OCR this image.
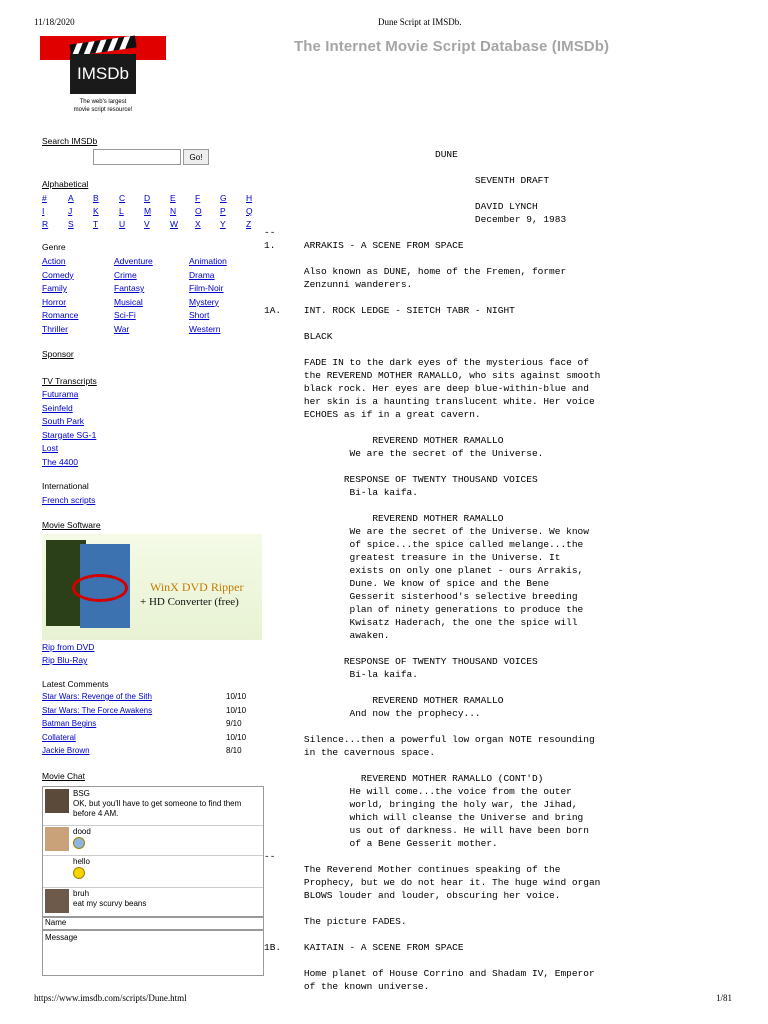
11/18/2020	Dune Script at IMSDb.
https://www.imsdb.com/scripts/Dune.html	1/81
The Internet Movie Script Database (IMSDb)
IMSDb
The web's largest
movie script resource!
Search IMSDb
Go!
Alphabetical
#	A B C D E F G H
I	J K L M N O P Q
R S T U V W X Y Z
Genre
Action	Adventure	Animation
Comedy	Crime	Drama
Family	Fantasy	Film-Noir
Horror	Musical	Mystery
Romance	Sci-Fi	Short
Thriller	War	Western
Sponsor
TV Transcripts
Futurama
Seinfeld
South Park
Stargate SG-1
Lost
The 4400
International
French scripts
Movie Software
WinX DVD Ripper
+ HD Converter (free)
Rip from DVD
Rip Blu-Ray
Latest Comments
Star Wars: Revenge of the Sith	10/10
Star Wars: The Force Awakens	10/10
Batman Begins	9/10
Collateral	10/10
Jackie Brown	8/10
Movie Chat
BSG
OK, but you'll have to get someone to find them before 4 AM.
dood
hello
bruh
eat my scurvy beans
Name
Message
DUNE
SEVENTH DRAFT
DAVID LYNCH
December 9, 1983
--
1.     ARRAKIS - A SCENE FROM SPACE
Also known as DUNE, home of the Fremen, former
Zenzunni wanderers.
1A.    INT. ROCK LEDGE - SIETCH TABR - NIGHT
BLACK
FADE IN to the dark eyes of the mysterious face of
the REVEREND MOTHER RAMALLO, who sits against smooth
black rock. Her eyes are deep blue-within-blue and
her skin is a haunting translucent white. Her voice
ECHOES as if in a great cavern.
REVEREND MOTHER RAMALLO
We are the secret of the Universe.
RESPONSE OF TWENTY THOUSAND VOICES
Bi-la kaifa.
REVEREND MOTHER RAMALLO
We are the secret of the Universe. We know
of spice...the spice called melange...the
greatest treasure in the Universe. It
exists on only one planet - ours Arrakis,
Dune. We know of spice and the Bene
Gesserit sisterhood's selective breeding
plan of ninety generations to produce the
Kwisatz Haderach, the one the spice will
awaken.
RESPONSE OF TWENTY THOUSAND VOICES
Bi-la kaifa.
REVEREND MOTHER RAMALLO
And now the prophecy...
Silence...then a powerful low organ NOTE resounding
in the cavernous space.
REVEREND MOTHER RAMALLO (CONT'D)
He will come...the voice from the outer
world, bringing the holy war, the Jihad,
which will cleanse the Universe and bring
us out of darkness. He will have been born
of a Bene Gesserit mother.
--
The Reverend Mother continues speaking of the
Prophecy, but we do not hear it. The huge wind organ
BLOWS louder and louder, obscuring her voice.
The picture FADES.
1B.    KAITAIN - A SCENE FROM SPACE
Home planet of House Corrino and Shadam IV, Emperor
of the known universe.
